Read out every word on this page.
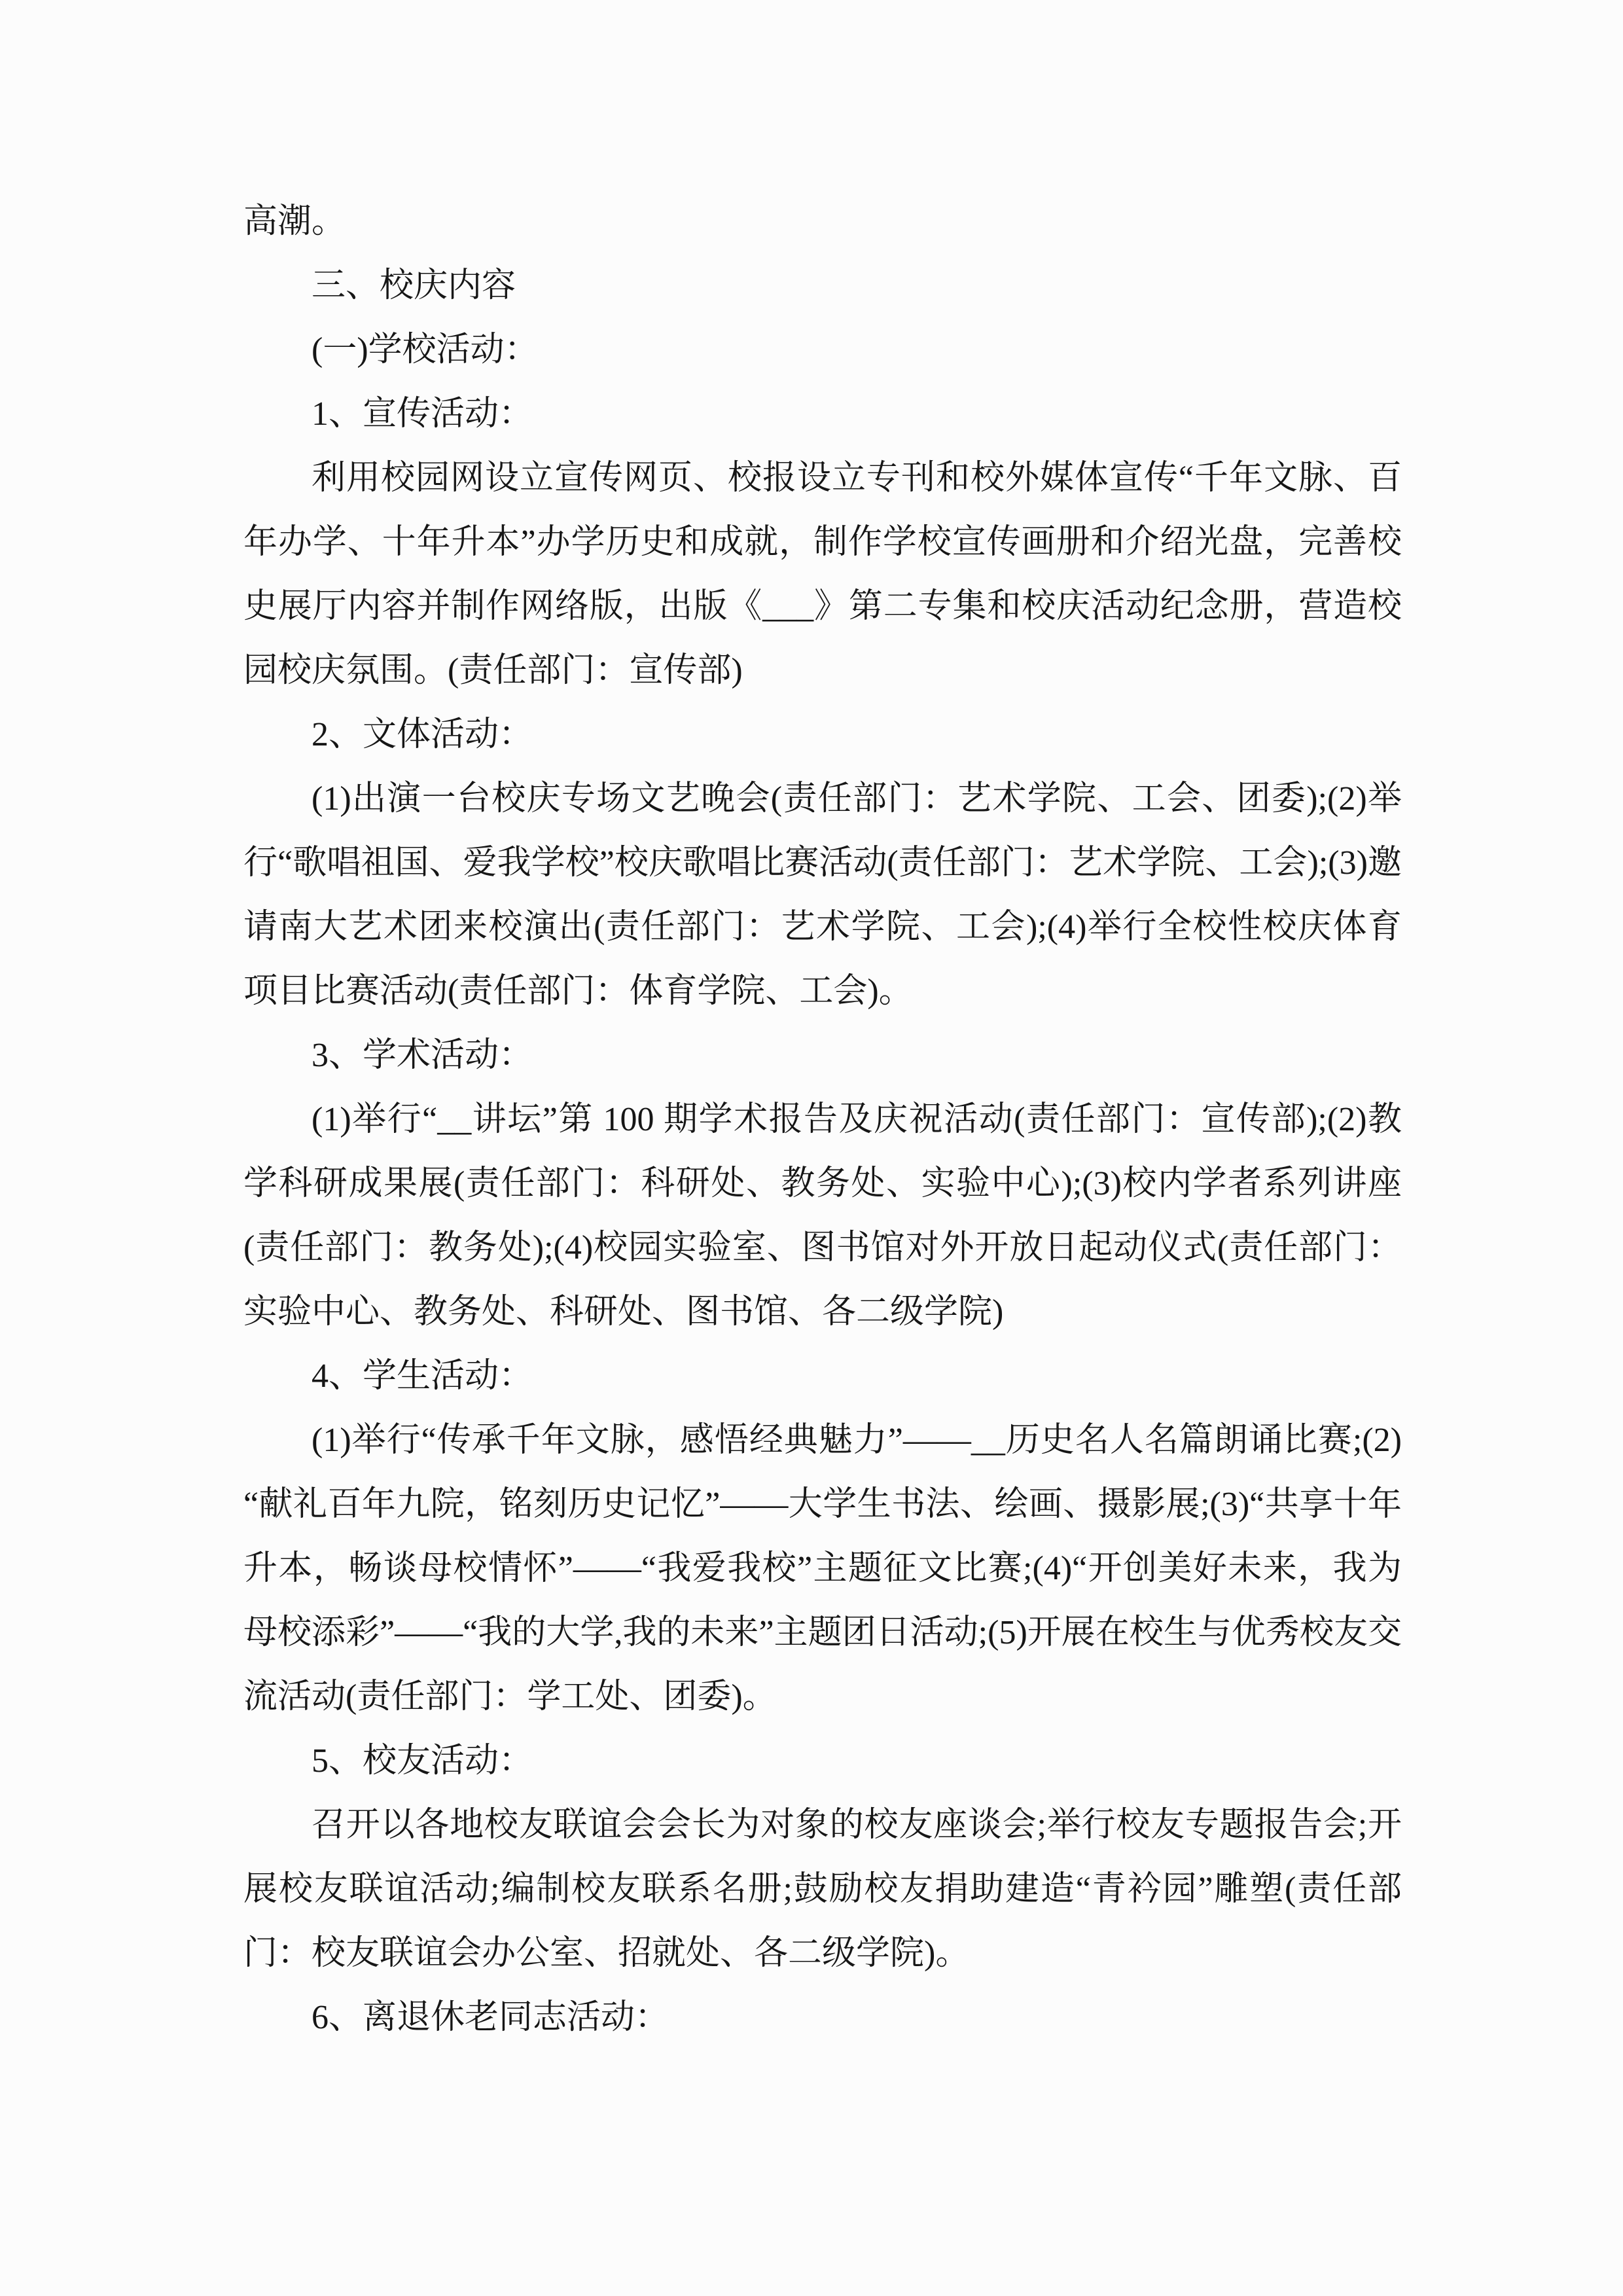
高潮。

三、校庆内容

(一)学校活动：

1、宣传活动：

利用校园网设立宣传网页、校报设立专刊和校外媒体宣传“千年文脉、百年办学、十年升本”办学历史和成就，制作学校宣传画册和介绍光盘，完善校史展厅内容并制作网络版，出版《___》第二专集和校庆活动纪念册，营造校园校庆氛围。(责任部门：宣传部)

2、文体活动：

(1)出演一台校庆专场文艺晚会(责任部门：艺术学院、工会、团委);(2)举行“歌唱祖国、爱我学校”校庆歌唱比赛活动(责任部门：艺术学院、工会);(3)邀请南大艺术团来校演出(责任部门：艺术学院、工会);(4)举行全校性校庆体育项目比赛活动(责任部门：体育学院、工会)。

3、学术活动：

(1)举行“__讲坛”第 100 期学术报告及庆祝活动(责任部门：宣传部);(2)教学科研成果展(责任部门：科研处、教务处、实验中心);(3)校内学者系列讲座(责任部门：教务处);(4)校园实验室、图书馆对外开放日起动仪式(责任部门：实验中心、教务处、科研处、图书馆、各二级学院)

4、学生活动：

(1)举行“传承千年文脉，感悟经典魅力”——__历史名人名篇朗诵比赛;(2)“献礼百年九院，铭刻历史记忆”——大学生书法、绘画、摄影展;(3)“共享十年升本，畅谈母校情怀”——“我爱我校”主题征文比赛;(4)“开创美好未来，我为母校添彩”——“我的大学,我的未来”主题团日活动;(5)开展在校生与优秀校友交流活动(责任部门：学工处、团委)。

5、校友活动：

召开以各地校友联谊会会长为对象的校友座谈会;举行校友专题报告会;开展校友联谊活动;编制校友联系名册;鼓励校友捐助建造“青衿园”雕塑(责任部门：校友联谊会办公室、招就处、各二级学院)。

6、离退休老同志活动：
